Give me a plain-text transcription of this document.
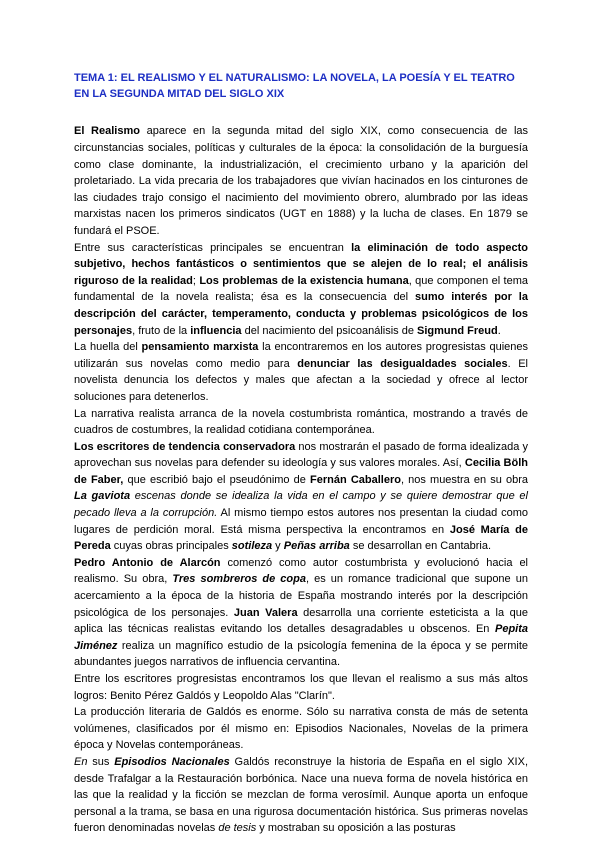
TEMA 1: EL REALISMO Y EL NATURALISMO: LA NOVELA, LA POESÍA Y EL TEATRO EN LA SEGUNDA MITAD DEL SIGLO XIX

El Realismo aparece en la segunda mitad del siglo XIX, como consecuencia de las circunstancias sociales, políticas y culturales de la época: la consolidación de la burguesía como clase dominante, la industrialización, el crecimiento urbano y la aparición del proletariado. La vida precaria de los trabajadores que vivían hacinados en los cinturones de las ciudades trajo consigo el nacimiento del movimiento obrero, alumbrado por las ideas marxistas nacen los primeros sindicatos (UGT en 1888) y la lucha de clases. En 1879 se fundará el PSOE.

Entre sus características principales se encuentran la eliminación de todo aspecto subjetivo, hechos fantásticos o sentimientos que se alejen de lo real; el análisis riguroso de la realidad; Los problemas de la existencia humana, que componen el tema fundamental de la novela realista; ésa es la consecuencia del sumo interés por la descripción del carácter, temperamento, conducta y problemas psicológicos de los personajes, fruto de la influencia del nacimiento del psicoanálisis de Sigmund Freud.

La huella del pensamiento marxista la encontraremos en los autores progresistas quienes utilizarán sus novelas como medio para denunciar las desigualdades sociales. El novelista denuncia los defectos y males que afectan a la sociedad y ofrece al lector soluciones para detenerlos.

La narrativa realista arranca de la novela costumbrista romántica, mostrando a través de cuadros de costumbres, la realidad cotidiana contemporánea.

Los escritores de tendencia conservadora nos mostrarán el pasado de forma idealizada y aprovechan sus novelas para defender su ideología y sus valores morales. Así, Cecilia Bölh de Faber, que escribió bajo el pseudónimo de Fernán Caballero, nos muestra en su obra La gaviota escenas donde se idealiza la vida en el campo y se quiere demostrar que el pecado lleva a la corrupción. Al mismo tiempo estos autores nos presentan la ciudad como lugares de perdición moral. Está misma perspectiva la encontramos en José María de Pereda cuyas obras principales sotileza y Peñas arriba se desarrollan en Cantabria.

Pedro Antonio de Alarcón comenzó como autor costumbrista y evolucionó hacia el realismo. Su obra, Tres sombreros de copa, es un romance tradicional que supone un acercamiento a la época de la historia de España mostrando interés por la descripción psicológica de los personajes. Juan Valera desarrolla una corriente esteticista a la que aplica las técnicas realistas evitando los detalles desagradables u obscenos. En Pepita Jiménez realiza un magnífico estudio de la psicología femenina de la época y se permite abundantes juegos narrativos de influencia cervantina.

Entre los escritores progresistas encontramos los que llevan el realismo a sus más altos logros: Benito Pérez Galdós y Leopoldo Alas "Clarín".

La producción literaria de Galdós es enorme. Sólo su narrativa consta de más de setenta volúmenes, clasificados por él mismo en: Episodios Nacionales, Novelas de la primera época y Novelas contemporáneas.

En sus Episodios Nacionales Galdós reconstruye la historia de España en el siglo XIX, desde Trafalgar a la Restauración borbónica. Nace una nueva forma de novela histórica en las que la realidad y la ficción se mezclan de forma verosímil. Aunque aporta un enfoque personal a la trama, se basa en una rigurosa documentación histórica. Sus primeras novelas fueron denominadas novelas de tesis y mostraban su oposición a las posturas
